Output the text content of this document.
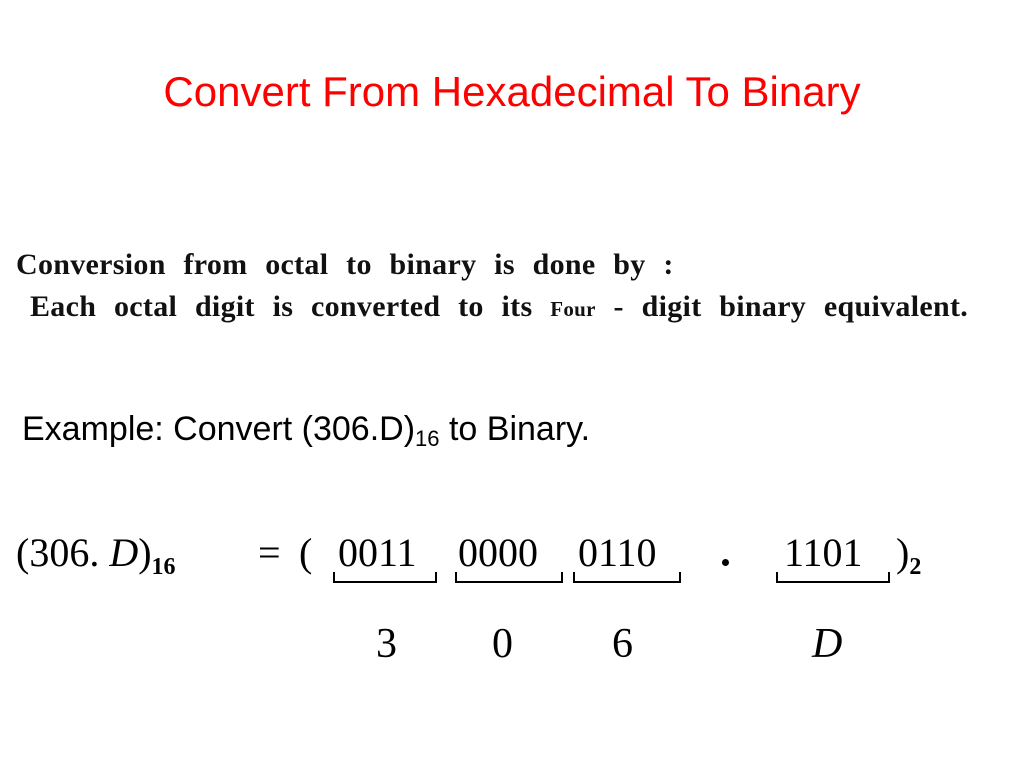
Convert From Hexadecimal To Binary
Conversion from octal to binary is done by :
Each octal digit is converted to its Four - digit binary equivalent.
Example: Convert $(306.D)_{16}$ to Binary.
(306. $D)_{16}$ = ( 0011 0000 0110	1101 )$_2$
3 0 6	D
